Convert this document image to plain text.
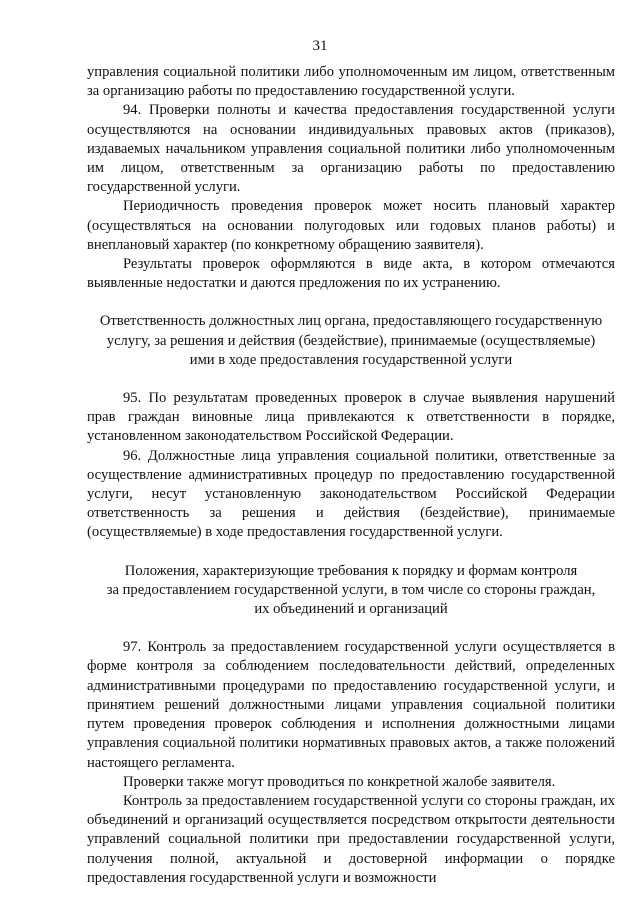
31

управления социальной политики либо уполномоченным им лицом, ответственным за организацию работы по предоставлению государственной услуги.

94. Проверки полноты и качества предоставления государственной услуги осуществляются на основании индивидуальных правовых актов (приказов), издаваемых начальником управления социальной политики либо уполномоченным им лицом, ответственным за организацию работы по предоставлению государственной услуги.

Периодичность проведения проверок может носить плановый характер (осуществляться на основании полугодовых или годовых планов работы) и внеплановый характер (по конкретному обращению заявителя).

Результаты проверок оформляются в виде акта, в котором отмечаются выявленные недостатки и даются предложения по их устранению.

Ответственность должностных лиц органа, предоставляющего государственную

услугу, за решения и действия (бездействие), принимаемые (осуществляемые)

ими в ходе предоставления государственной услуги

95. По результатам проведенных проверок в случае выявления нарушений прав граждан виновные лица привлекаются к ответственности в порядке, установленном законодательством Российской Федерации.

96. Должностные лица управления социальной политики, ответственные за осуществление административных процедур по предоставлению государственной услуги, несут установленную законодательством Российской Федерации ответственность за решения и действия (бездействие), принимаемые (осуществляемые) в ходе предоставления государственной услуги.

Положения, характеризующие требования к порядку и формам контроля

за предоставлением государственной услуги, в том числе со стороны граждан,

их объединений и организаций

97. Контроль за предоставлением государственной услуги осуществляется в форме контроля за соблюдением последовательности действий, определенных административными процедурами по предоставлению государственной услуги, и принятием решений должностными лицами управления социальной политики путем проведения проверок соблюдения и исполнения должностными лицами управления социальной политики нормативных правовых актов, а также положений настоящего регламента.

Проверки также могут проводиться по конкретной жалобе заявителя.

Контроль за предоставлением государственной услуги со стороны граждан, их объединений и организаций осуществляется посредством открытости деятельности управлений социальной политики при предоставлении государственной услуги, получения полной, актуальной и достоверной информации о порядке предоставления государственной услуги и возможности
